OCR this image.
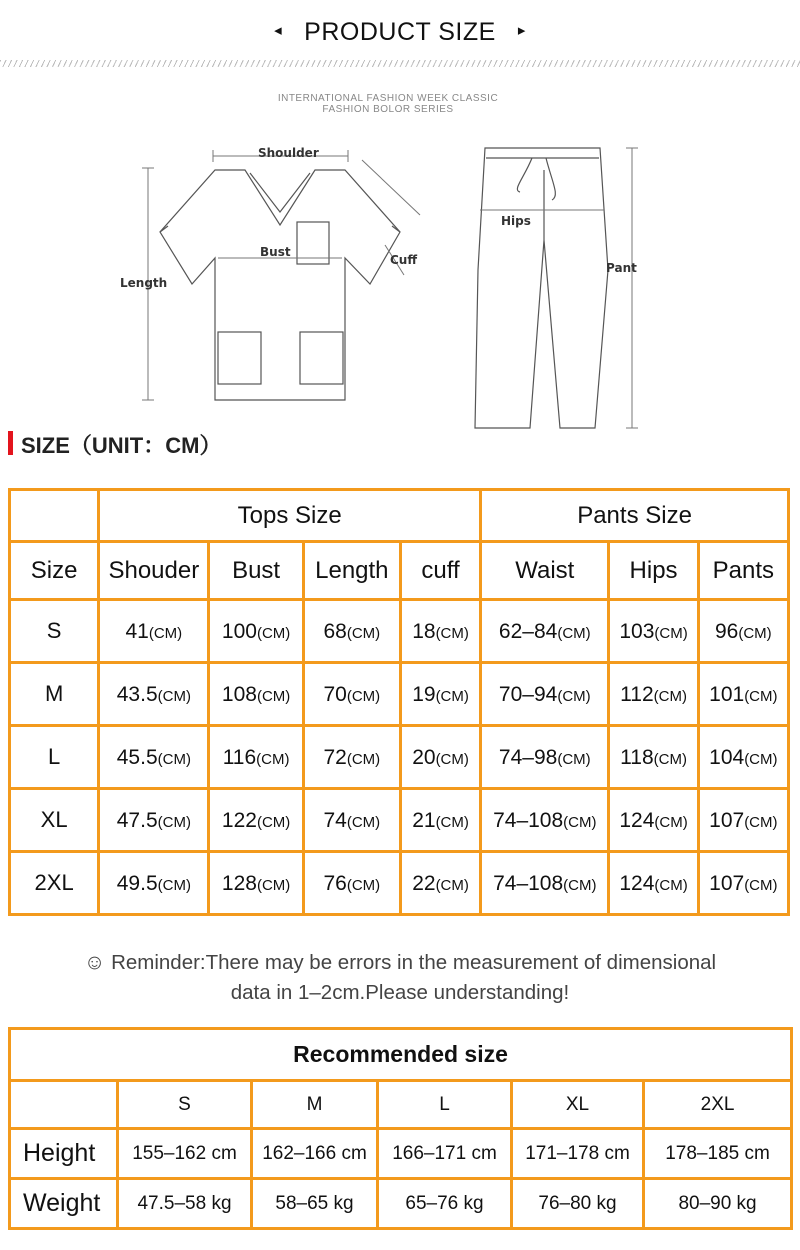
◂ PRODUCT SIZE ▸
INTERNATIONAL FASHION WEEK CLASSIC
FASHION BOLOR SERIES
Shoulder
Bust
Cuff
Length
Hips
Pant
SIZE（UNIT：CM）
	Tops Size				Pants Size		
Size	Shouder	Bust	Length	cuff	Waist	Hips	Pants
S	41(CM)	100(CM)	68(CM)	18(CM)	62–84(CM)	103(CM)	96(CM)
M	43.5(CM)	108(CM)	70(CM)	19(CM)	70–94(CM)	112(CM)	101(CM)
L	45.5(CM)	116(CM)	72(CM)	20(CM)	74–98(CM)	118(CM)	104(CM)
XL	47.5(CM)	122(CM)	74(CM)	21(CM)	74–108(CM)	124(CM)	107(CM)
2XL	49.5(CM)	128(CM)	76(CM)	22(CM)	74–108(CM)	124(CM)	107(CM)
☺ Reminder:There may be errors in the measurement of dimensional
data in 1–2cm.Please understanding!
Recommended size					
	S	M	L	XL	2XL
Height	155–162 cm	162–166 cm	166–171 cm	171–178 cm	178–185 cm
Weight	47.5–58 kg	58–65 kg	65–76 kg	76–80 kg	80–90 kg
